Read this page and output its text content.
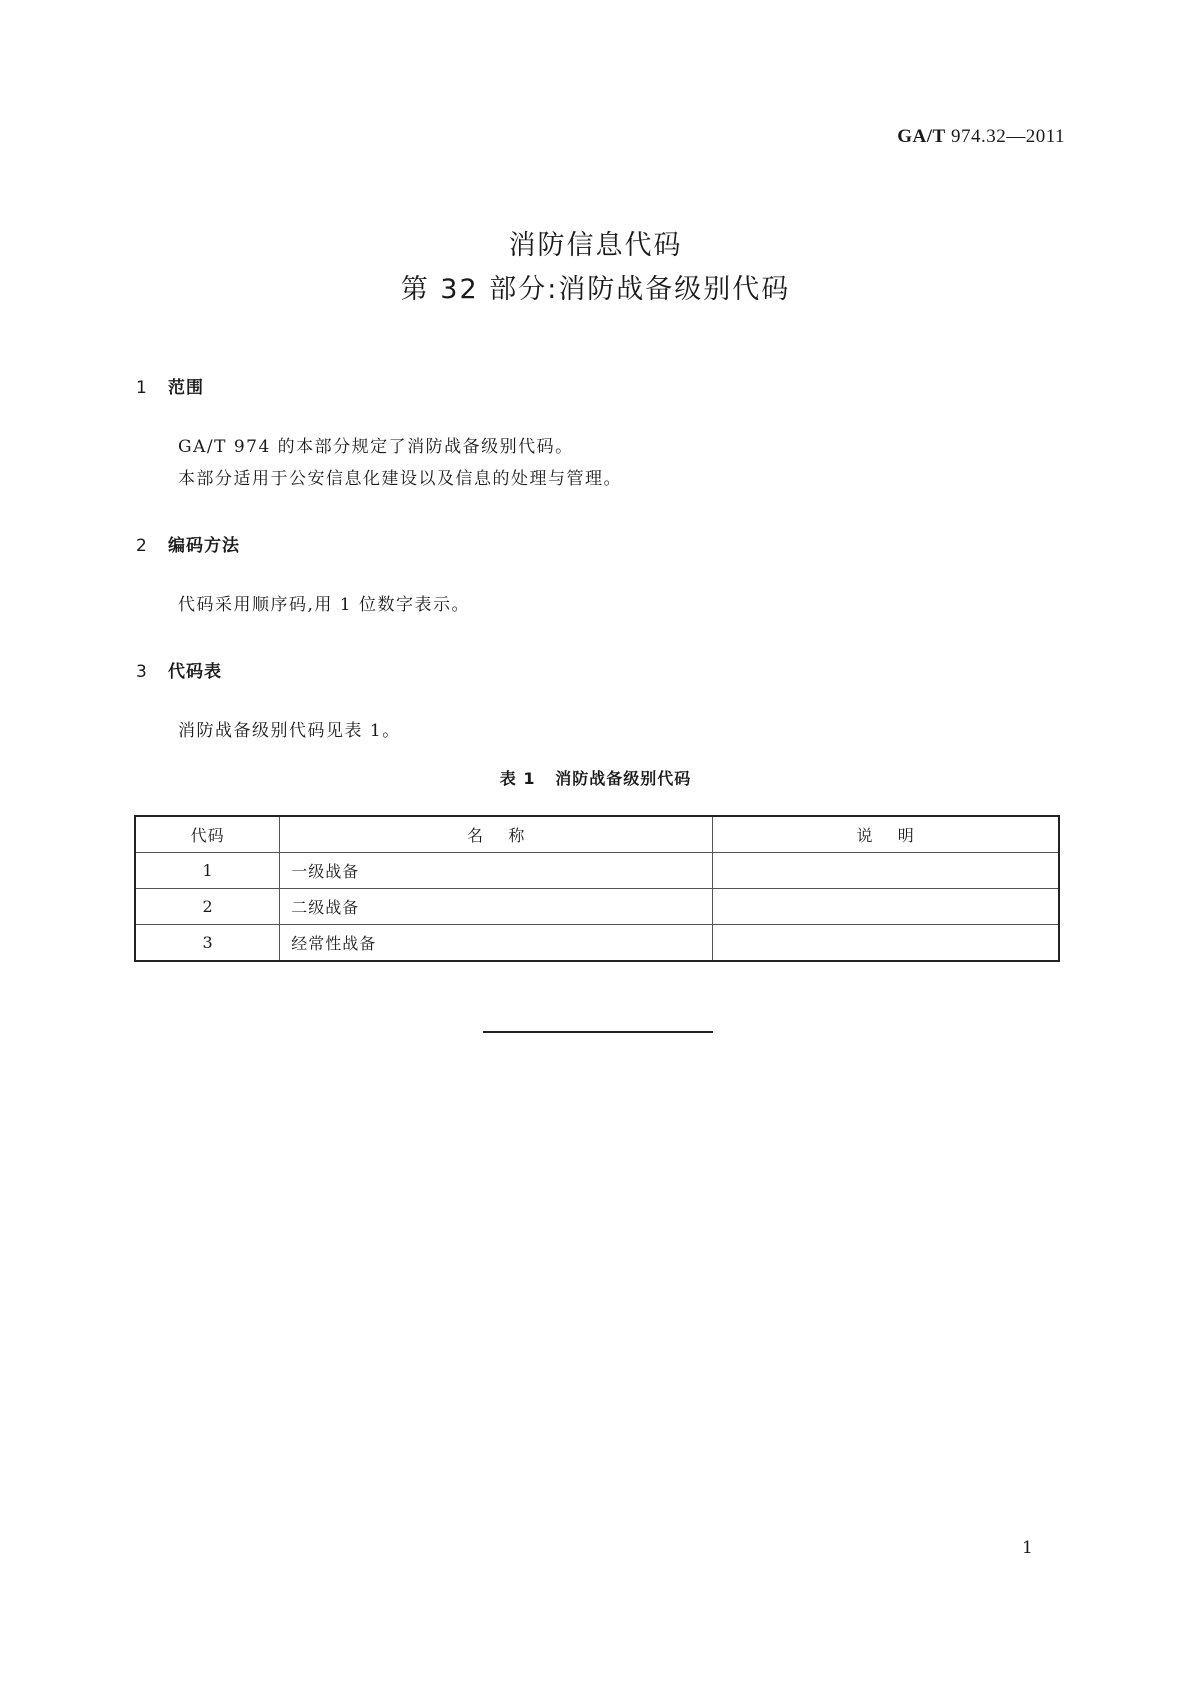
GA/T 974.32—2011
消防信息代码
第 32 部分:消防战备级别代码
1 范围
GA/T 974 的本部分规定了消防战备级别代码。
本部分适用于公安信息化建设以及信息的处理与管理。
2 编码方法
代码采用顺序码,用 1 位数字表示。
3 代码表
消防战备级别代码见表 1。
表 1   消防战备级别代码
代码	名    称	说    明
1	一级战备	
2	二级战备	
3	经常性战备	
1
